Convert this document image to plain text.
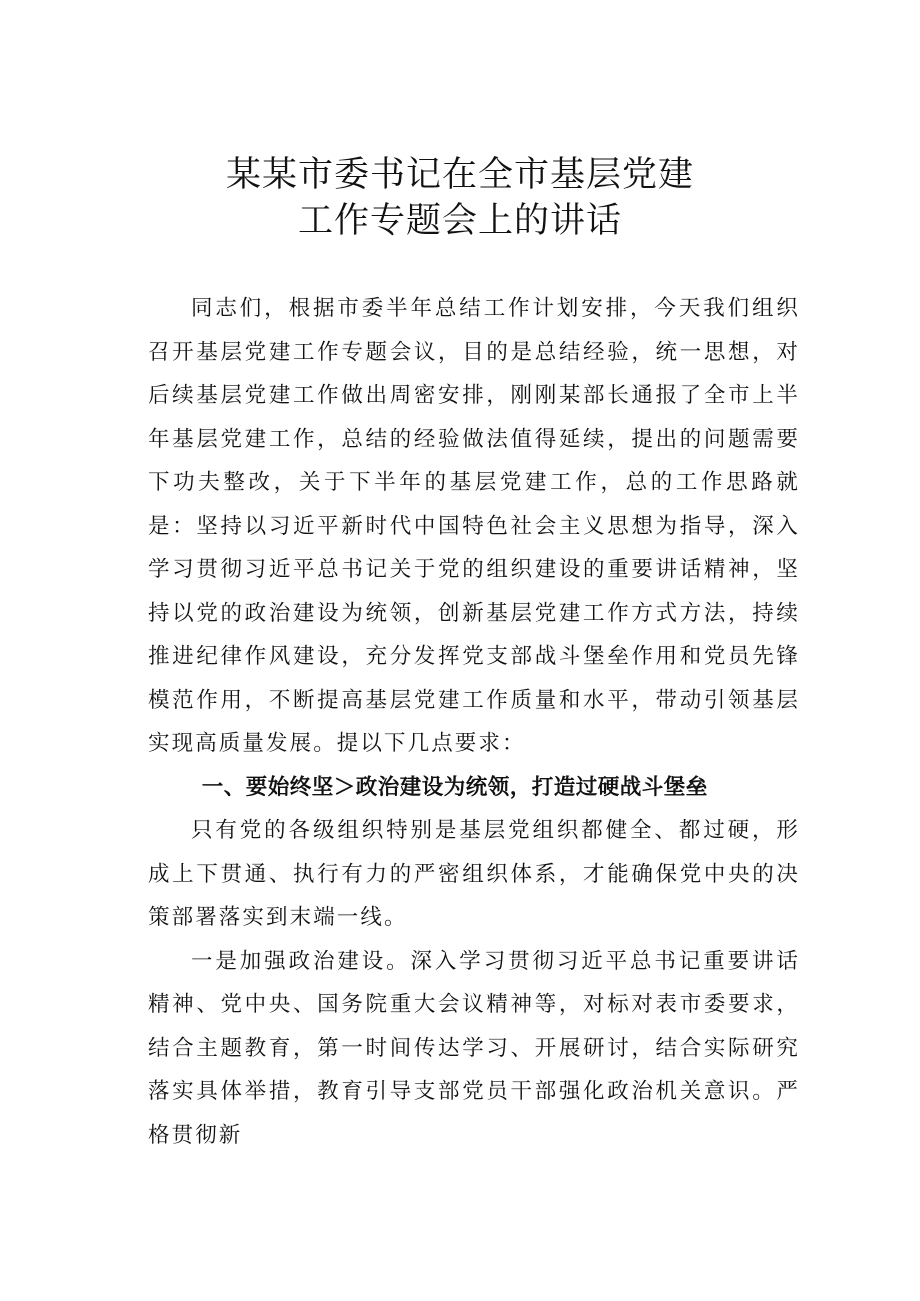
某某市委书记在全市基层党建
工作专题会上的讲话

同志们，根据市委半年总结工作计划安排，今天我们组织召开基层党建工作专题会议，目的是总结经验，统一思想，对后续基层党建工作做出周密安排，刚刚某部长通报了全市上半年基层党建工作，总结的经验做法值得延续，提出的问题需要下功夫整改，关于下半年的基层党建工作，总的工作思路就是：坚持以习近平新时代中国特色社会主义思想为指导，深入学习贯彻习近平总书记关于党的组织建设的重要讲话精神，坚持以党的政治建设为统领，创新基层党建工作方式方法，持续推进纪律作风建设，充分发挥党支部战斗堡垒作用和党员先锋模范作用，不断提高基层党建工作质量和水平，带动引领基层实现高质量发展。提以下几点要求：

一、要始终坚＞政治建设为统领，打造过硬战斗堡垒

只有党的各级组织特别是基层党组织都健全、都过硬，形成上下贯通、执行有力的严密组织体系，才能确保党中央的决策部署落实到末端一线。

一是加强政治建设。深入学习贯彻习近平总书记重要讲话精神、党中央、国务院重大会议精神等，对标对表市委要求，结合主题教育，第一时间传达学习、开展研讨，结合实际研究落实具体举措，教育引导支部党员干部强化政治机关意识。严格贯彻新
